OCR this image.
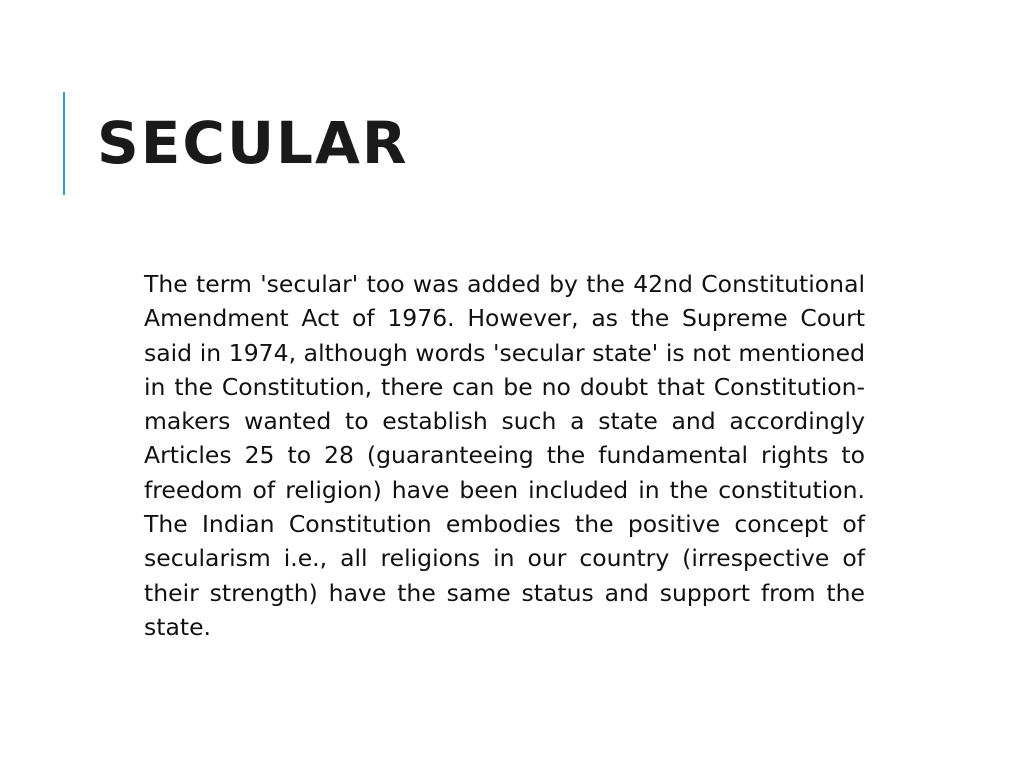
SECULAR

The term 'secular' too was added by the 42nd Constitutional Amendment Act of 1976. However, as the Supreme Court said in 1974, although words 'secular state' is not mentioned in the Constitution, there can be no doubt that Constitution-makers wanted to establish such a state and accordingly Articles 25 to 28 (guaranteeing the fundamental rights to freedom of religion) have been included in the constitution. The Indian Constitution embodies the positive concept of secularism i.e., all religions in our country (irrespective of their strength) have the same status and support from the state.
